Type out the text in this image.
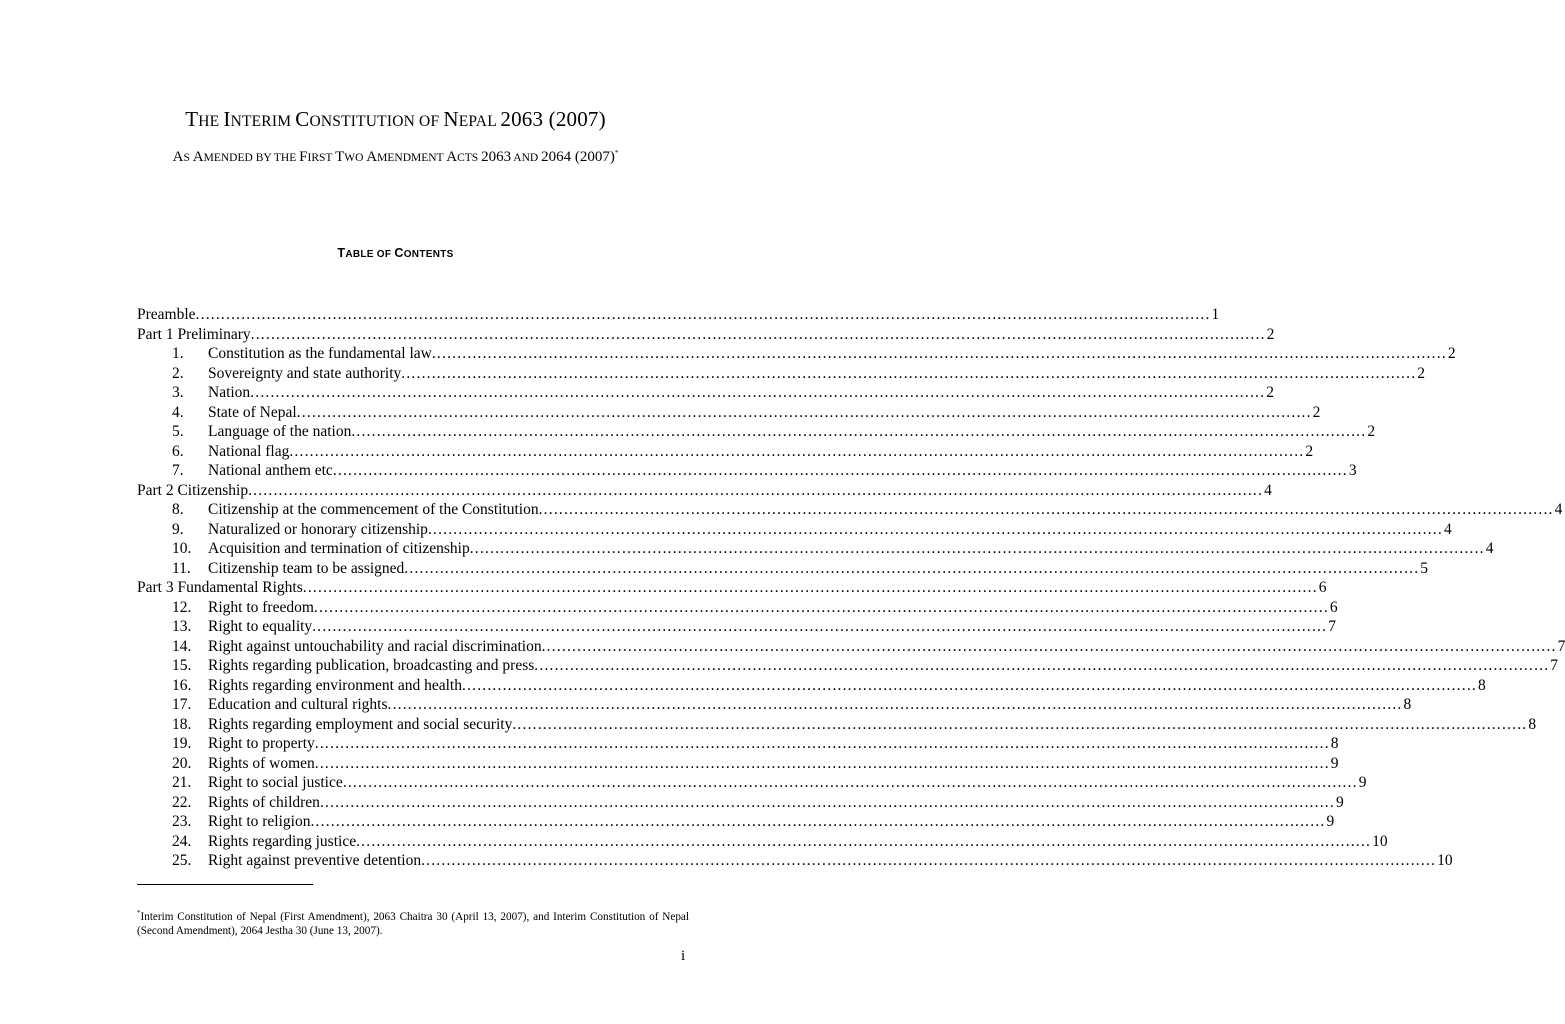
THE INTERIM CONSTITUTION OF NEPAL 2063 (2007)
AS AMENDED BY THE FIRST TWO AMENDMENT ACTS 2063 AND 2064 (2007)*
TABLE OF CONTENTS
Preamble ........................................................................................................................................................................................................ 1
Part 1 Preliminary ........................................................................................................................................................................................................ 2
1.	Constitution as the fundamental law ........................................................................................................................................................................................................ 2
2.	Sovereignty and state authority ........................................................................................................................................................................................................ 2
3.	Nation ........................................................................................................................................................................................................ 2
4.	State of Nepal ........................................................................................................................................................................................................ 2
5.	Language of the nation ........................................................................................................................................................................................................ 2
6.	National flag ........................................................................................................................................................................................................ 2
7.	National anthem etc ........................................................................................................................................................................................................ 3
Part 2 Citizenship ........................................................................................................................................................................................................ 4
8.	Citizenship at the commencement of the Constitution ........................................................................................................................................................................................................ 4
9.	Naturalized or honorary citizenship ........................................................................................................................................................................................................ 4
10.	Acquisition and termination of citizenship ........................................................................................................................................................................................................ 4
11.	Citizenship team to be assigned ........................................................................................................................................................................................................ 5
Part 3 Fundamental Rights ........................................................................................................................................................................................................ 6
12.	Right to freedom ........................................................................................................................................................................................................ 6
13.	Right to equality ........................................................................................................................................................................................................ 7
14.	Right against untouchability and racial discrimination ........................................................................................................................................................................................................ 7
15.	Rights regarding publication, broadcasting and press ........................................................................................................................................................................................................ 7
16.	Rights regarding environment and health ........................................................................................................................................................................................................ 8
17.	Education and cultural rights ........................................................................................................................................................................................................ 8
18.	Rights regarding employment and social security ........................................................................................................................................................................................................ 8
19.	Right to property ........................................................................................................................................................................................................ 8
20.	Rights of women ........................................................................................................................................................................................................ 9
21.	Right to social justice ........................................................................................................................................................................................................ 9
22.	Rights of children ........................................................................................................................................................................................................ 9
23.	Right to religion ........................................................................................................................................................................................................ 9
24.	Rights regarding justice ........................................................................................................................................................................................................ 10
25.	Right against preventive detention ........................................................................................................................................................................................................ 10
*Interim Constitution of Nepal (First Amendment), 2063 Chaitra 30 (April 13, 2007), and Interim Constitution of Nepal (Second Amendment), 2064 Jestha 30 (June 13, 2007).
i
